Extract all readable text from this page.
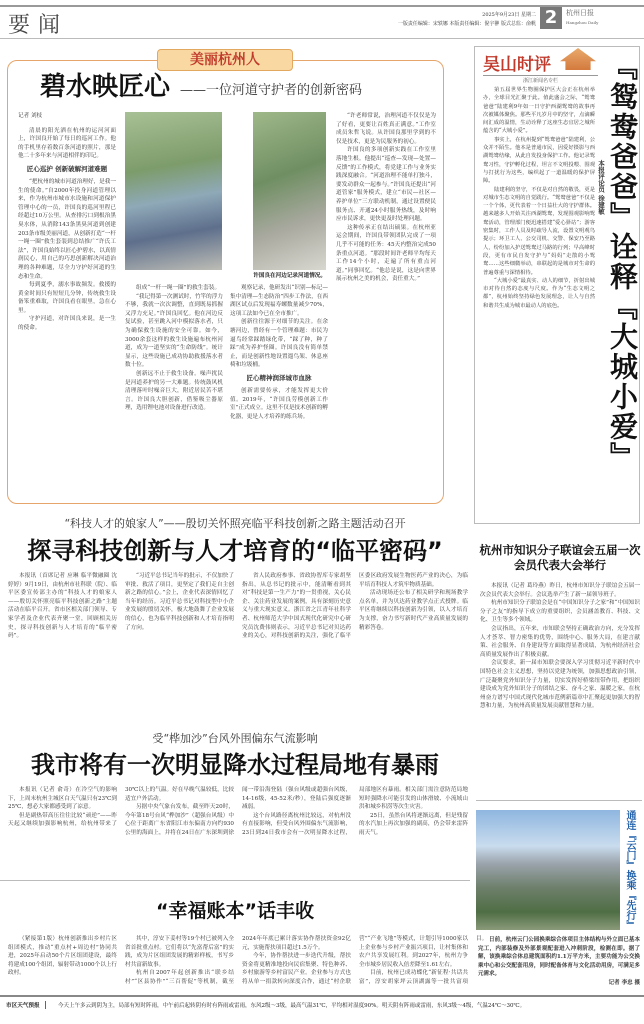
要闻	2025年9月23日 星期二
一版责任编辑：宋轶娜 本版责任编辑：倪宇翀 版式总监：俞帆 2	杭州日报
Hangzhou Daily
美丽杭州人
碧水映匠心 ——一位河道守护者的创新密码
记者 刘枝

清晨的阳光洒在杭州的运河河面上，许国良开始了每日的巡河工作。他的手机里存着数百条河道的照片，那是他二十多年来与河道相伴的印记。

匠心巡护 创新破解河道难题

“把杭州的城市河道治理好，是我一生的使命。”自2000年投身河道管理以来，作为杭州市城市水设施和河道保护管理中心的一员，许国良的巡河里程已经超过10万公里。从查排污口到根治黑臭水体，从消除143条黑臭河道到创建203条市级美丽河道，从创新打造“一杆一绳一圈”救生套装到总结推广“许氏工法”，许国良始终以匠心护碧水，以真情润民心，用自己的巧思创新解决河道治理的各种难题，尽全力守护好河道的生态和生命。

每到夏季，溺水事故频发。救援的黄金时间只有短短几分钟，传统救生设备笨重难取，许国良看在眼里，急在心里。

守护河道，对许国良来说，是一生的使命。

许国良在河边记录河道情况。

组成“一杆一绳一圈”的救生套装。

“我记得第一次测试时，竹竿的浮力不够，我就一次次调整，直到既易抓握又浮力充足。”许国良回忆。他在河边反复试验，甚至跳入河中模拟落水者，只为确保救生设施的安全可靠。如今，3000余套这样的救生设施遍布杭州河道，成为一道坚实的“生命防线”。统计显示，这些设施已成功协助救援落水者数十位。

创新远不止于救生设备。噪声扰民是河道养护的另一大难题。传统鼓风机清理落叶时噪音巨大，附近居民苦不堪言。许国良大胆创新，借鉴吸尘器原理，选用锂电池对设备进行改造。

观察记录，他研发出“识别—标记—集中清理—生态防治”四步工作法，在西湖区试点后发现福寿螺数量减少70%，这项工法如今已在全市推广。

创新往往源于对细节的关注。在余塘河边，曾经有一个管理难题：市民为逼鸟经常踩踏绿化带，“踩了种，种了踩”成为养护怪圈。许国良没有简单禁止，而是创新性地设置遛鸟架、休息座椅和垃圾桶。

匠心精神润泽城市血脉

创新需要传承，才能发挥更大价值。2019年，“许国良劳模创新工作室”正式成立。这里不仅是技术创新的孵化器，更是人才培养的练兵场。

“许老师常说，治理河道不仅仅是为了好看，更要让百姓真正满意。”工作室成员朱哲飞说。从许国良那里学到的不仅是技术，更是为民服务的初心。

许国良的多项创新实践在工作室里落地生根。他提出“巡查—发现—处置—反馈”的工作模式，将党建工作与业务实践深度融合。“河道治理不能单打独斗，要发动群众一起参与。”许国良还提出“河道管家”服务模式，建立“市民—社区—养护单位”三方联动机制，通过设置便民服务点、开通24小时服务热线，及时响应市民诉求，更快更及时处理问题。

这种传承正在结出硕果。在杭州亚运会期间，许国良带领团队完成了一项几乎不可能的任务：45天内整治完成50条重点河道。“那段时间许老师平均每天工作14个小时，走遍了所有重点河道。”同事回忆。“他总是说，这是向世界展示杭州之美的机会，责任重大。”

“科技人才的娘家人”——殷切关怀照亮临平科技创新之路主题活动召开
探寻科技创新与人才培育的“临平密码”

本报讯（首席记者 应琳 临平微融圈 沈婷婷）9月19日，由杭州市社科联（院）、临平区委宣传部主办的“科技人才的娘家人——殷切关怀照亮临平科技创新之路”主题活动在临平召开。省市区相关部门领导、专家学者及企业代表齐聚一堂，回顾相关历史，探寻科技创新与人才培育的“临平密码”。

“习近平总书记当年的批示，不仅加快了审批、救活了项目，更坚定了我们走自主创新之路的信心。”会上，企业代表深情回忆了当年的经历。习近平总书记对科技型中小企业发展的殷切关怀，极大地鼓舞了企业发展的信心，也为临平科技创新和人才培育指明了方向。

省人民政府参事、省政协智库专家胡坚指出，从总书记的批示中，能清晰看到其对“科技是第一生产力”的一贯重视，关心民企、关注药业发展的案例，具有深刻历史意义与重大现实意义。浙江省之江青年社科学者、杭州师范大学中国式现代化研究中心研究员沈费伟则表示，习近平总书记对贝达药业的关心，对科技创新的关注，强化了临平区委区政府发展生物医药产业的决心，为临平培育科技人才筑牢物质基础。

活动现场还公布了相关研学和现场教学点名单，并为贝达药业教学点正式授牌。临平区将继续以科技创新为引领，以人才培育为支撑，奋力书写新时代产业高质量发展的精彩答卷。

受“桦加沙”台风外围偏东气流影响
我市将有一次明显降水过程局地有暴雨

本报讯（记者 俞奇）在冷空气的影响下，上周末杭州主城区白天气温只有23℃到25℃，想必大家都感受到了凉意。

但是副热带高压往往比较“顽逆”——昨天起又继续加强影响杭州，给杭州带来了30℃以上的气温。好在早晚气温较低，比较适宜户外活动。

另据中央气象台发布，截至昨天20时，今年第18号台风“桦加沙”（超强台风级）中心位于距离广东省阳江市东偏南方向约930公里的海面上，并将在24日在广东深圳到徐闻一带沿海登陆（强台风级或超强台风级，14-16级，45-52米/秒），登陆后强度逐渐减弱。

这个台风路径离杭州比较远，对杭州没有直接影响，但受台风外围偏东气流影响，23日到24日我市会有一次明显降水过程，局部地区有暴雨。相关部门需注意防范局地短时强降水可能引发的山体滑坡、小流域山洪和城乡积涝等次生灾害。

25日，虽然台风将逐渐远离，但是残留的水汽加上再次加强的副高，仍会带来雷阵雨天气。

“幸福账本”话丰收

（紧接第1版）杭州创新推出乡村片区组团模式，推动“重点村+周边村”协同共进，2025年启动50个片区组团建设，最终将建成100个组团，辐射带动1000个以上行政村。

其中，淳安下姜村等19个村已被列入全省首批重点村。它们将以“先富帮后富”的实践，成为片区组团发展的精彩样板，书写乡村共富新故事。

杭州自2007年起创新推出“联乡结村”“区县协作”“三百帮促”等机制，截至2024年年底已累计落实协作帮扶资金92亿元，实施帮扶项目超过1.5万个。

今年，协作帮扶进一步迭代升级，帮扶资金将更精准地投向民宿集聚、特色种养、乡村旅游等乡村富民产业。企业参与方式也将从单一捐款转向深度合作，通过“村企联营”“产业飞地”等模式，计划引导1000家以上企业参与乡村产业振兴项目，让村集体和农户共享发展红利。到2027年，杭州力争全市城乡居民收入倍差降至1.61左右。

目前，杭州已成功蝶化“新征程·共话共富”，淳安胡家坪云顶湖露等一批共富项目。

吴山时评
浙江新闻名专栏

第五届世界生物圈保护区大会正在杭州举办，全球目光汇聚于此。值此盛会之际，“鸳鸯爸爸”陆建利9年如一日守护西湖鸳鸯的故事再次被媒体聚焦。那些平凡岁月中的坚守，点滴瞬间汇成的温情，生动诠释了这座生态宜居之城所蕴含的“大城小爱”。

事实上，在杭州提到“鸳鸯爸爸”陆建利，公众并不陌生。他本是普通市民，因爱好摄影与西湖鸳鸯结缘，从此自发投身保护工作。他记录鸳鸯习性，守护孵化过程，坦言不文明投喂、围观与打扰行为这些，编织起了一道温暖的保护屏障。

陆建利的坚守，不仅是对自然的敬畏，更是对城市生态文明的自觉践行。“鸳鸯爸爸”不仅是一个个体，更代表着一个日益壮大的守护群体。越来越多人开始关注西湖鸳鸯，发现围观影响鸳鸯活动，管理部门便迅速搭建“爱心驿站”；游客密集时，工作人员及时疏导人流，设置文明观鸟提示；环卫工人、公交司机、交警、保安乃至路人，纷纷加入护送鸳鸯过马路的行列；早高峰时段，更有市民自发守护与“妈妈”走散的小鸳鸯……这些细微举动，串联起的是城市对生命的普遍尊重与深情相待。

“大城小爱”最真实、动人的细节，折射出城市对待自然的态度与尺度。作为“生态文明之都”，杭州始终坚持绿色发展理念，让人与自然和谐共生成为城市最动人的底色。

本报评论员 徐建敏 『鸳鸯爸爸』诠释『大城小爱』
杭州市知识分子联谊会五届一次会员代表大会举行

本报讯（记者 葛玲燕）昨日，杭州市知识分子联谊会五届一次会员代表大会举行。会议选举产生了新一届领导班子。

杭州市知识分子联谊会是在“中国知识分子之家”和“中国知识分子之友”的指导下成立的重要组织，会员涵盖教育、科技、文化、卫生等多个领域。

会议指出，五年来，市知联会坚持正确政治方向，充分发挥人才荟萃、智力密集的优势，围绕中心、服务大局，在建言献策、社会服务、自身建设等方面取得显著成绩，为杭州经济社会高质量发展作出了积极贡献。

会议要求，新一届市知联会要深入学习贯彻习近平新时代中国特色社会主义思想，坚持以党建为统领，加强思想政治引领，广泛凝聚党外知识分子力量，切实发挥好桥梁纽带作用，把组织建设成为党外知识分子的团结之家、奋斗之家、温暖之家，在杭州奋力谱写中国式现代化城市范例新篇章中汇聚起更加强大的智慧和力量，为杭州高质量发展贡献智慧和力量。

通连『云门』换乘『先行』

日前，杭州云门公园换乘综合体项目主体结构与外立面已基本完工，内部装修及外部景观配套进入冲刺阶段，检测在即。据了解，该换乘综合体总建筑面积约1.1万平方米，主要功能为公交换乘中心和公交配套用房，同时配备体育与文化活动用房，可满足多元需求。

记者 李忠 摄
市区天气预报	今天上午多云到阴为主，局部有短时阵雨，中午前后起转阴有时有阵雨或雷雨，东风2级～3级，最高气温31℃，平均相对湿度90%。明天阴有阵雨或雷雨，东风3级～4级，气温24℃～30℃。
